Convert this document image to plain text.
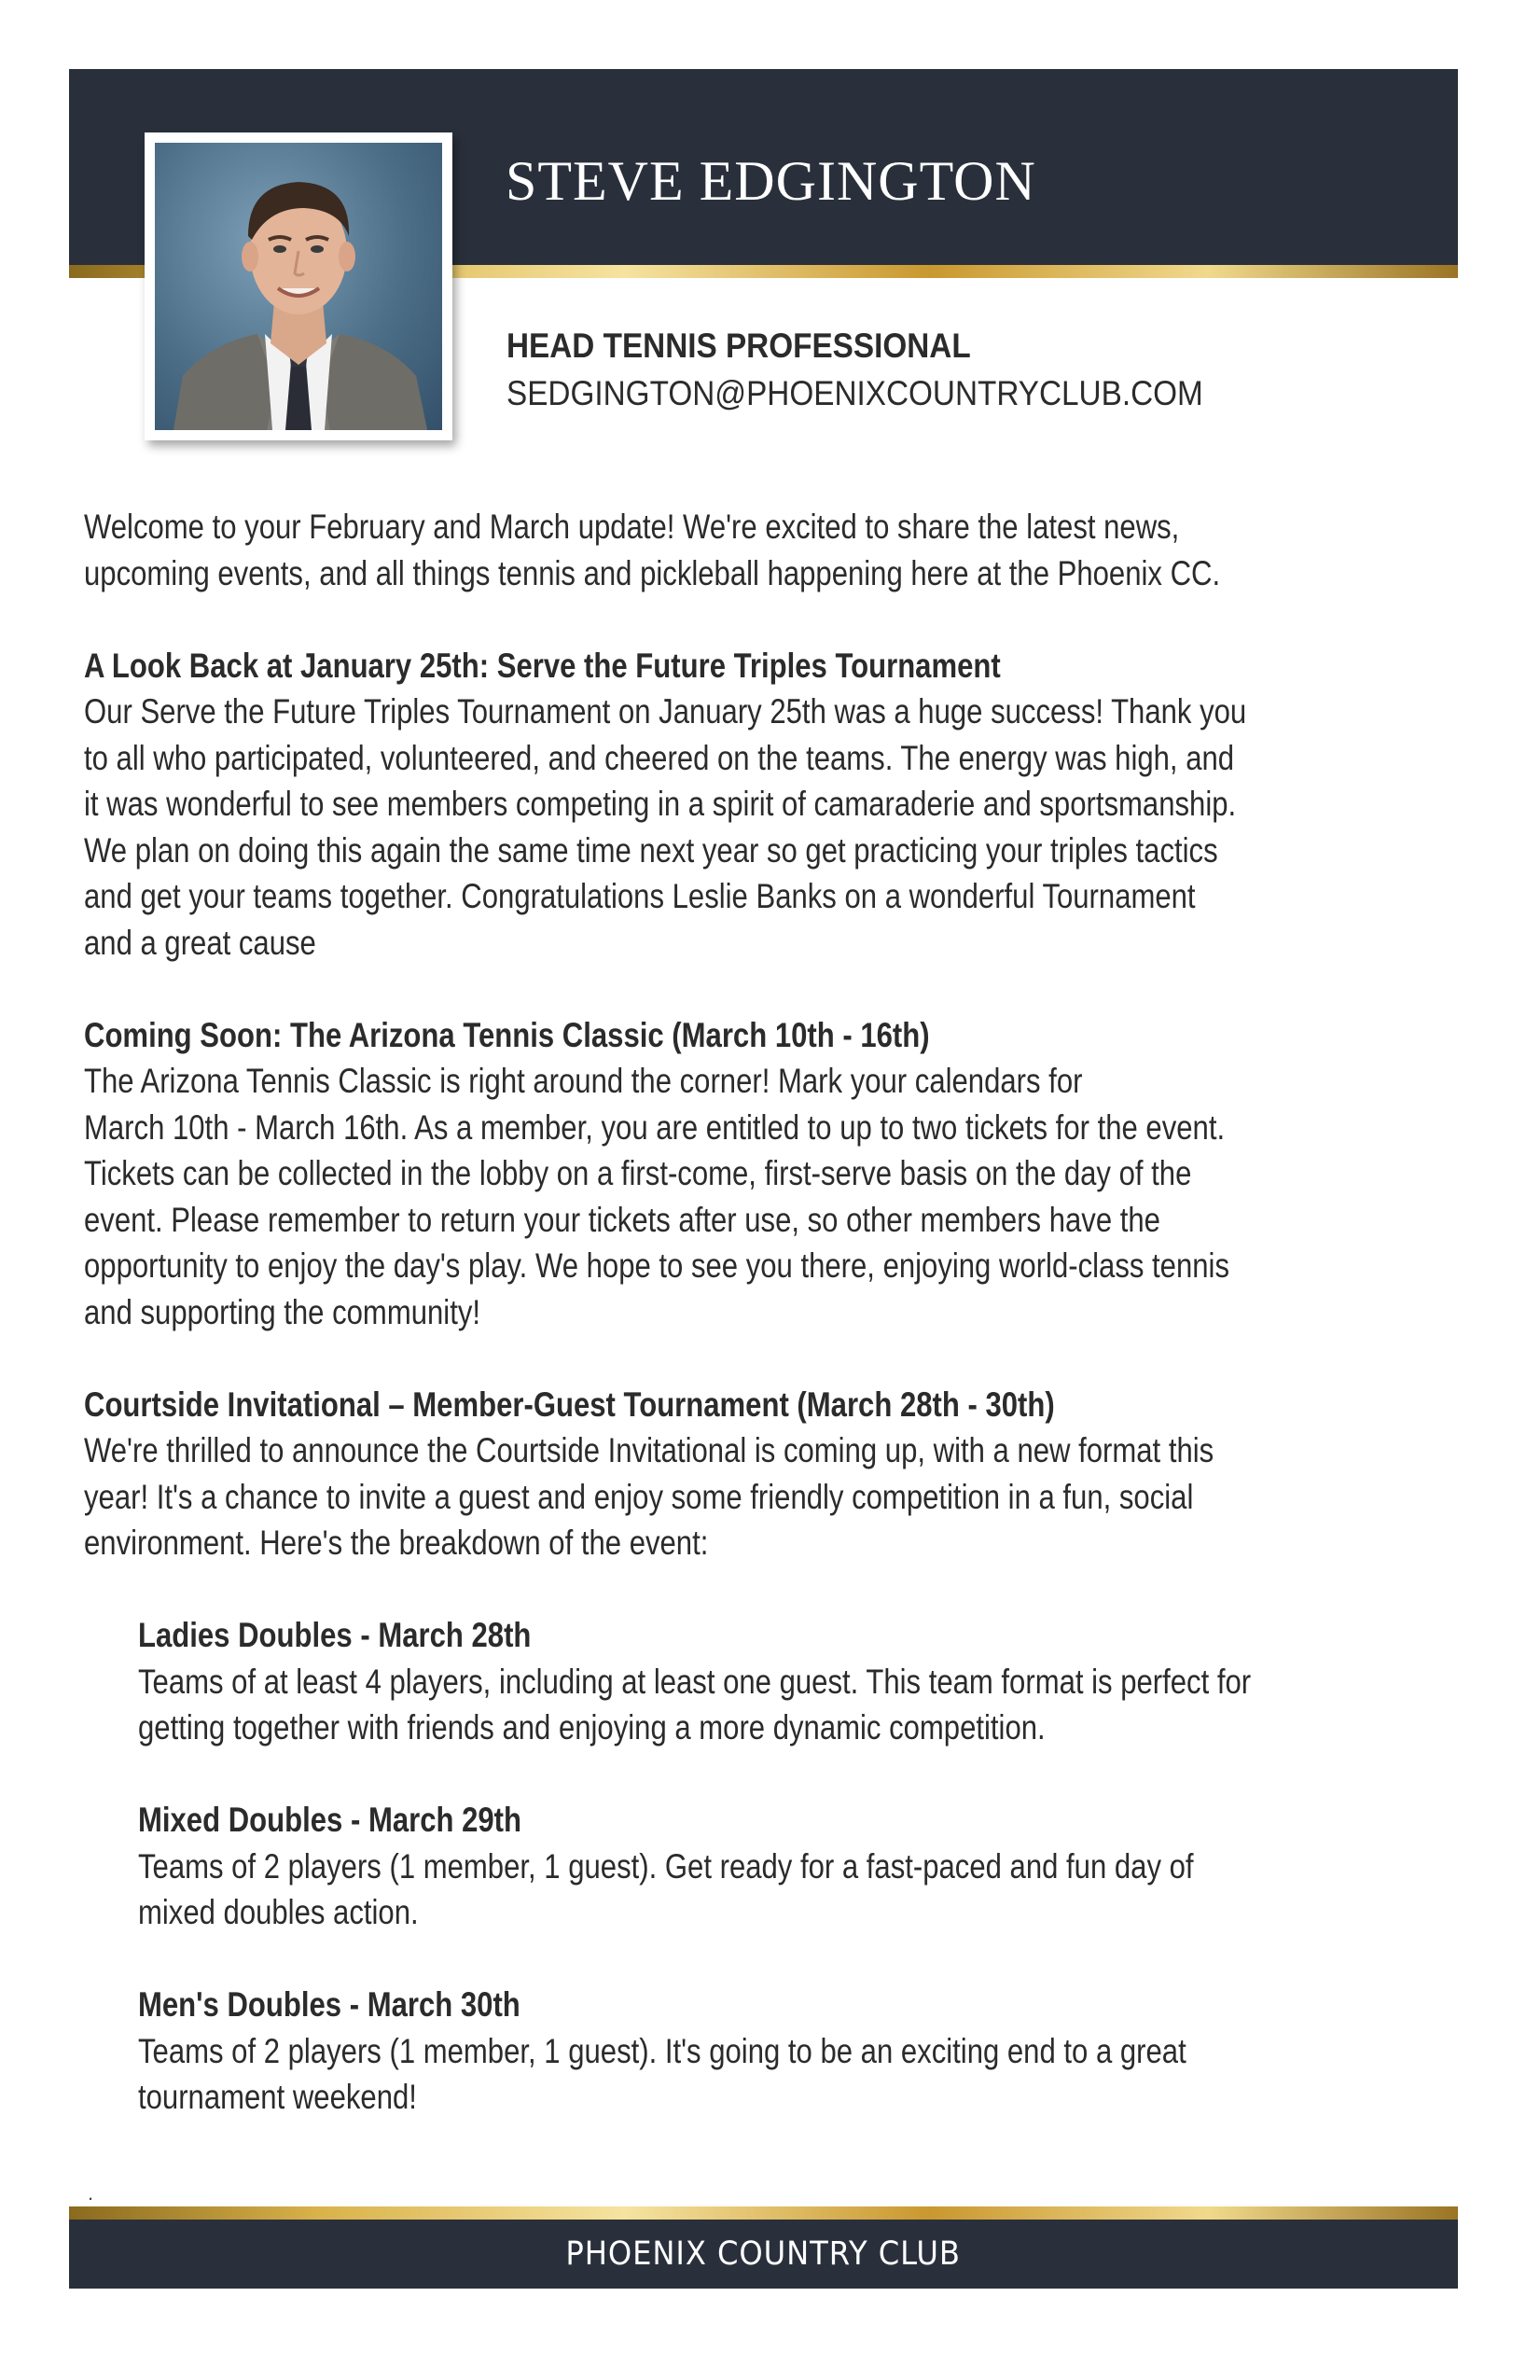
STEVE EDGINGTON

HEAD TENNIS PROFESSIONAL

SEDGINGTON@PHOENIXCOUNTRYCLUB.COM

Welcome to your February and March update! We're excited to share the latest news,

upcoming events, and all things tennis and pickleball happening here at the Phoenix CC.

A Look Back at January 25th: Serve the Future Triples Tournament

Our Serve the Future Triples Tournament on January 25th was a huge success! Thank you

to all who participated, volunteered, and cheered on the teams. The energy was high, and

it was wonderful to see members competing in a spirit of camaraderie and sportsmanship.

We plan on doing this again the same time next year so get practicing your triples tactics

and get your teams together. Congratulations Leslie Banks on a wonderful Tournament

and a great cause

Coming Soon: The Arizona Tennis Classic (March 10th - 16th)

The Arizona Tennis Classic is right around the corner! Mark your calendars for

March 10th - March 16th. As a member, you are entitled to up to two tickets for the event.

Tickets can be collected in the lobby on a first-come, first-serve basis on the day of the

event. Please remember to return your tickets after use, so other members have the

opportunity to enjoy the day's play. We hope to see you there, enjoying world-class tennis

and supporting the community!

Courtside Invitational – Member-Guest Tournament (March 28th - 30th)

We're thrilled to announce the Courtside Invitational is coming up, with a new format this

year! It's a chance to invite a guest and enjoy some friendly competition in a fun, social

environment. Here's the breakdown of the event:

Ladies Doubles - March 28th

Teams of at least 4 players, including at least one guest. This team format is perfect for

getting together with friends and enjoying a more dynamic competition.

Mixed Doubles - March 29th

Teams of 2 players (1 member, 1 guest). Get ready for a fast-paced and fun day of

mixed doubles action.

Men's Doubles - March 30th

Teams of 2 players (1 member, 1 guest). It's going to be an exciting end to a great

tournament weekend!

.
PHOENIX COUNTRY CLUB
